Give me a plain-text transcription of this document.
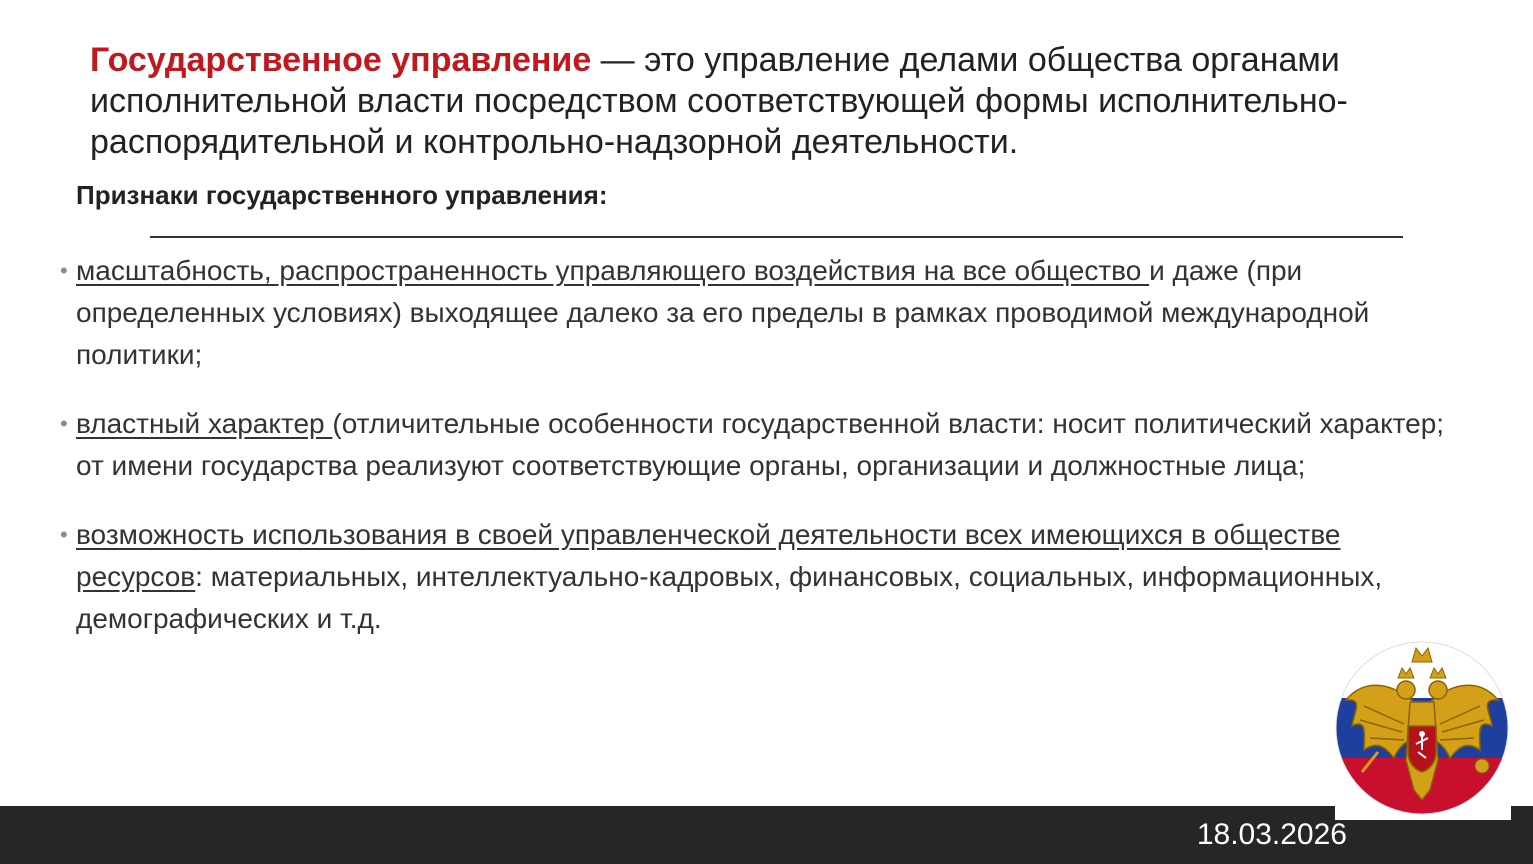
Государственное управление — это управление делами общества органами исполнительной власти посредством соответствующей формы исполнительно-распорядительной и контрольно-надзорной деятельности.

Признаки государственного управления:

• масштабность, распространенность управляющего воздействия на все общество и даже (при определенных условиях) выходящее далеко за его пределы в рамках проводимой международной политики;
• властный характер (отличительные особенности государственной власти: носит политический характер; от имени государства реализуют соответствующие органы, организации и должностные лица;
• возможность использования в своей управленческой деятельности всех имеющихся в обществе ресурсов: материальных, интеллектуально-кадровых, финансовых, социальных, информационных, демографических и т.д.
18.03.2026
